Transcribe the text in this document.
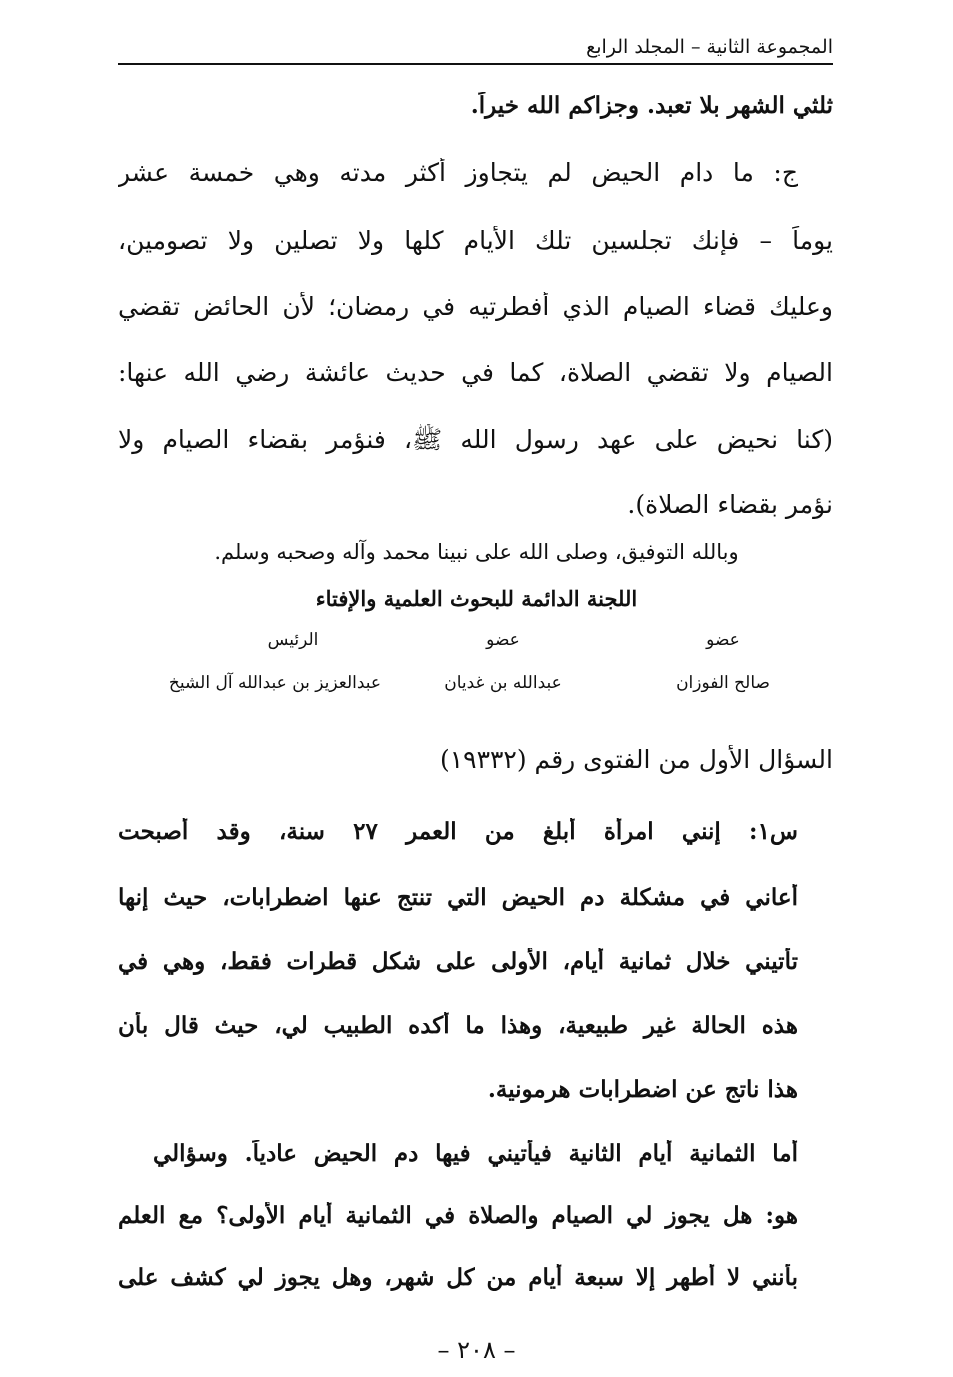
المجموعة الثانية – المجلد الرابع
ثلثي الشهر بلا تعبد. وجزاكم الله خيراً.
ج: ما دام الحيض لم يتجاوز أكثر مدته وهي خمسة عشر
يوماً – فإنك تجلسين تلك الأيام كلها ولا تصلين ولا تصومين،
وعليك قضاء الصيام الذي أفطرتيه في رمضان؛ لأن الحائض تقضي
الصيام ولا تقضي الصلاة، كما في حديث عائشة رضي الله عنها:
(كنا نحيض على عهد رسول الله ﷺ، فنؤمر بقضاء الصيام ولا
نؤمر بقضاء الصلاة).
وبالله التوفيق، وصلى الله على نبينا محمد وآله وصحبه وسلم.
اللجنة الدائمة للبحوث العلمية والإفتاء
عضو
عضو
الرئيس
صالح الفوزان
عبدالله بن غديان
عبدالعزيز بن عبدالله آل الشيخ
السؤال الأول من الفتوى رقم (١٩٣٣٢)
س١: إنني امرأة أبلغ من العمر ٢٧ سنة، وقد أصبحت
أعاني في مشكلة دم الحيض التي تنتج عنها اضطرابات، حيث إنها
تأتيني خلال ثمانية أيام، الأولى على شكل قطرات فقط، وهي في
هذه الحالة غير طبيعية، وهذا ما أكده الطبيب لي، حيث قال بأن
هذا ناتج عن اضطرابات هرمونية.
أما الثمانية أيام الثانية فيأتيني فيها دم الحيض عادياً. وسؤالي
هو: هل يجوز لي الصيام والصلاة في الثمانية أيام الأولى؟ مع العلم
بأنني لا أطهر إلا سبعة أيام من كل شهر، وهل يجوز لي كشف على
– ٢٠٨ –
